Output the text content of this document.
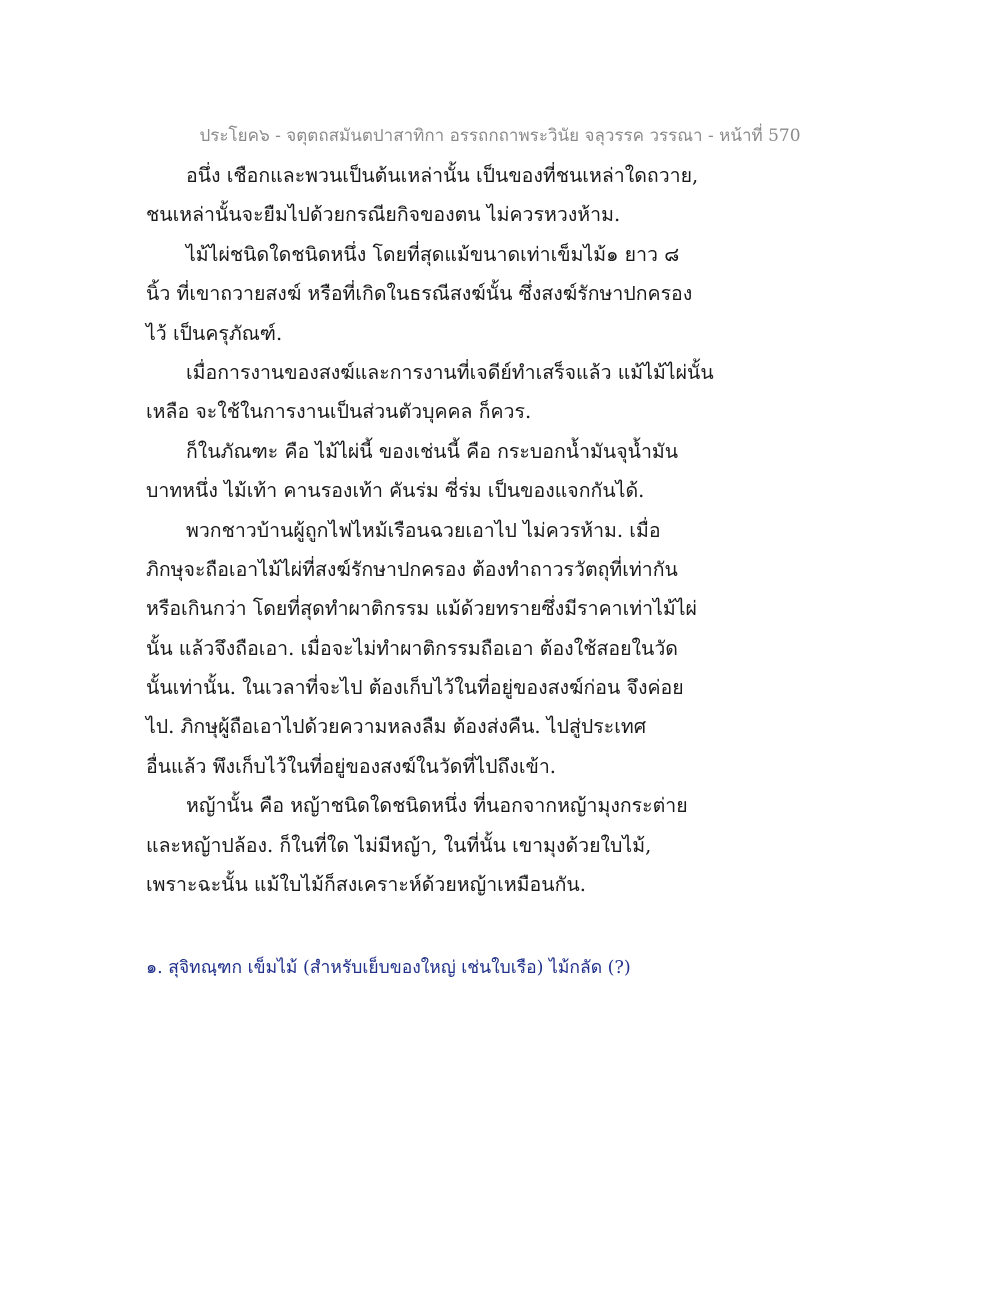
ประโยค๖ - จตุตถสมันตปาสาทิกา อรรถกถาพระวินัย จลุวรรค วรรณา - หน้าที่ 570
อนึ่ง เชือกและพวนเป็นต้นเหล่านั้น เป็นของที่ชนเหล่าใดถวาย,
ชนเหล่านั้นจะยืมไปด้วยกรณียกิจของตน ไม่ควรหวงห้าม.
ไม้ไผ่ชนิดใดชนิดหนึ่ง โดยที่สุดแม้ขนาดเท่าเข็มไม้๑ ยาว ๘
นิ้ว ที่เขาถวายสงฆ์ หรือที่เกิดในธรณีสงฆ์นั้น ซึ่งสงฆ์รักษาปกครอง
ไว้ เป็นครุภัณฑ์.
เมื่อการงานของสงฆ์และการงานที่เจดีย์ทำเสร็จแล้ว แม้ไม้ไผ่นั้น
เหลือ จะใช้ในการงานเป็นส่วนตัวบุคคล ก็ควร.
ก็ในภัณฑะ คือ ไม้ไผ่นี้ ของเช่นนี้ คือ กระบอกน้ำมันจุน้ำมัน
บาทหนึ่ง ไม้เท้า คานรองเท้า คันร่ม ซี่ร่ม เป็นของแจกกันได้.
พวกชาวบ้านผู้ถูกไฟไหม้เรือนฉวยเอาไป ไม่ควรห้าม. เมื่อ
ภิกษุจะถือเอาไม้ไผ่ที่สงฆ์รักษาปกครอง ต้องทำถาวรวัตถุที่เท่ากัน
หรือเกินกว่า โดยที่สุดทำผาติกรรม แม้ด้วยทรายซึ่งมีราคาเท่าไม้ไผ่
นั้น แล้วจึงถือเอา. เมื่อจะไม่ทำผาติกรรมถือเอา ต้องใช้สอยในวัด
นั้นเท่านั้น. ในเวลาที่จะไป ต้องเก็บไว้ในที่อยู่ของสงฆ์ก่อน จึงค่อย
ไป. ภิกษุผู้ถือเอาไปด้วยความหลงลืม ต้องส่งคืน. ไปสู่ประเทศ
อื่นแล้ว พึงเก็บไว้ในที่อยู่ของสงฆ์ในวัดที่ไปถึงเข้า.
หญ้านั้น คือ หญ้าชนิดใดชนิดหนึ่ง ที่นอกจากหญ้ามุงกระต่าย
และหญ้าปล้อง. ก็ในที่ใด ไม่มีหญ้า, ในที่นั้น เขามุงด้วยใบไม้,
เพราะฉะนั้น แม้ใบไม้ก็สงเคราะห์ด้วยหญ้าเหมือนกัน.
๑. สุจิทณฺฑก เข็มไม้ (สำหรับเย็บของใหญ่ เช่นใบเรือ) ไม้กลัด (?)
